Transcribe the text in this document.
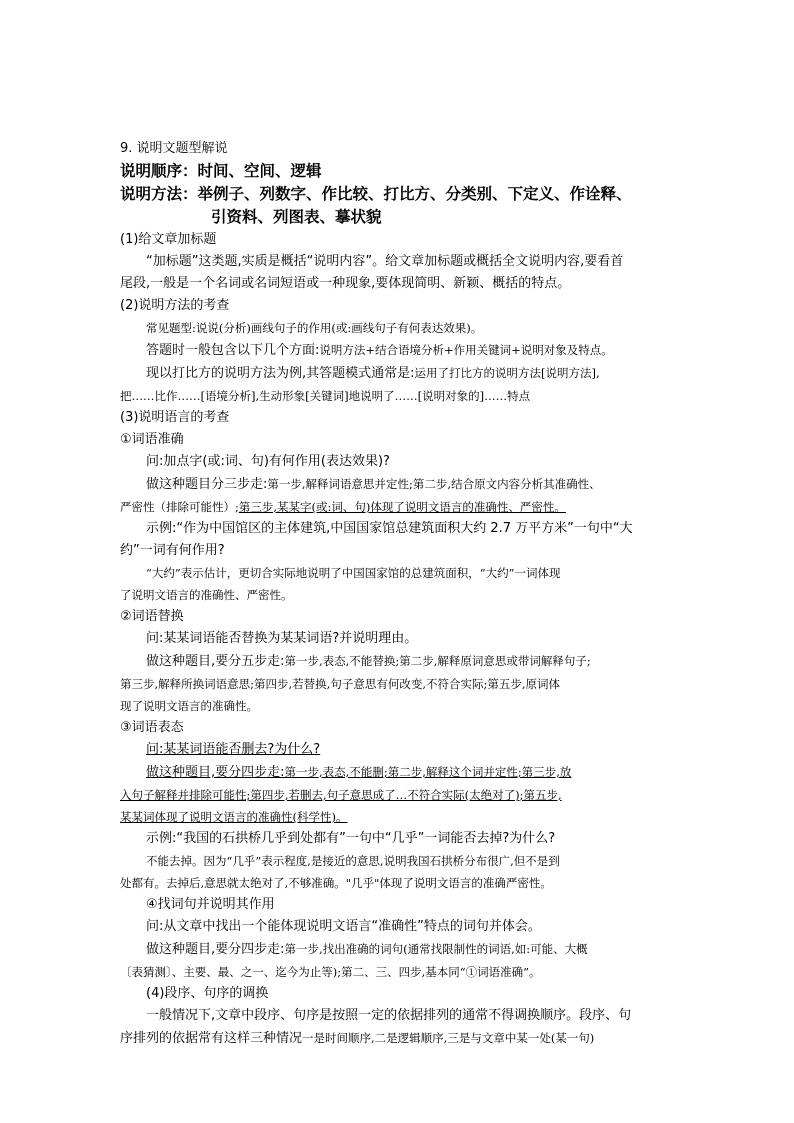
9. 说明文题型解说

说明顺序：时间、空间、逻辑

说明方法：举例子、列数字、作比较、打比方、分类别、下定义、作诠释、

引资料、列图表、摹状貌

(1)给文章加标题

“加标题”这类题,实质是概括“说明内容”。给文章加标题或概括全文说明内容,要看首

尾段,一般是一个名词或名词短语或一种现象,要体现简明、新颖、概括的特点。

(2)说明方法的考查

常见题型:说说(分析)画线句子的作用(或:画线句子有何表达效果)。

答题时一般包含以下几个方面:说明方法+结合语境分析+作用关键词+说明对象及特点。

现以打比方的说明方法为例,其答题模式通常是:运用了打比方的说明方法[说明方法],

把……比作……[语境分析],生动形象[关键词]地说明了……[说明对象的]……特点

(3)说明语言的考查

①词语准确

问:加点字(或:词、句)有何作用(表达效果)?

做这种题目分三步走:第一步,解释词语意思并定性;第二步,结合原文内容分析其准确性、

严密性（排除可能性）;第三步,某某字(或:词、句)体现了说明文语言的准确性、严密性。

示例:“作为中国馆区的主体建筑,中国国家馆总建筑面积大约 2.7 万平方米”一句中“大

约”一词有何作用?

“大约”表示估计，更切合实际地说明了中国国家馆的总建筑面积，“大约”一词体现

了说明文语言的准确性、严密性。

②词语替换

问:某某词语能否替换为某某词语?并说明理由。

做这种题目,要分五步走:第一步,表态,不能替换;第二步,解释原词意思或带词解释句子;

第三步,解释所换词语意思;第四步,若替换,句子意思有何改变,不符合实际;第五步,原词体

现了说明文语言的准确性。

③词语表态

问:某某词语能否删去?为什么?

做这种题目,要分四步走:第一步,表态,不能删;第二步,解释这个词并定性;第三步,放

入句子解释并排除可能性;第四步,若删去,句子意思成了…不符合实际(太绝对了);第五步,

某某词体现了说明文语言的准确性(科学性)。

示例:“我国的石拱桥几乎到处都有”一句中“几乎”一词能否去掉?为什么?

不能去掉。因为“几乎”表示程度,是接近的意思,说明我国石拱桥分布很广,但不是到

处都有。去掉后,意思就太绝对了,不够准确。"几乎"体现了说明文语言的准确严密性。

④找词句并说明其作用

问:从文章中找出一个能体现说明文语言“准确性”特点的词句并体会。

做这种题目,要分四步走:第一步,找出准确的词句(通常找限制性的词语,如:可能、大概

〔表猜测〕、主要、最、之一、迄今为止等);第二、三、四步,基本同“①词语准确”。

(4)段序、句序的调换

一般情况下,文章中段序、句序是按照一定的依据排列的通常不得调换顺序。段序、句

序排列的依据常有这样三种情况一是时间顺序,二是逻辑顺序,三是与文章中某一处(某一句)
